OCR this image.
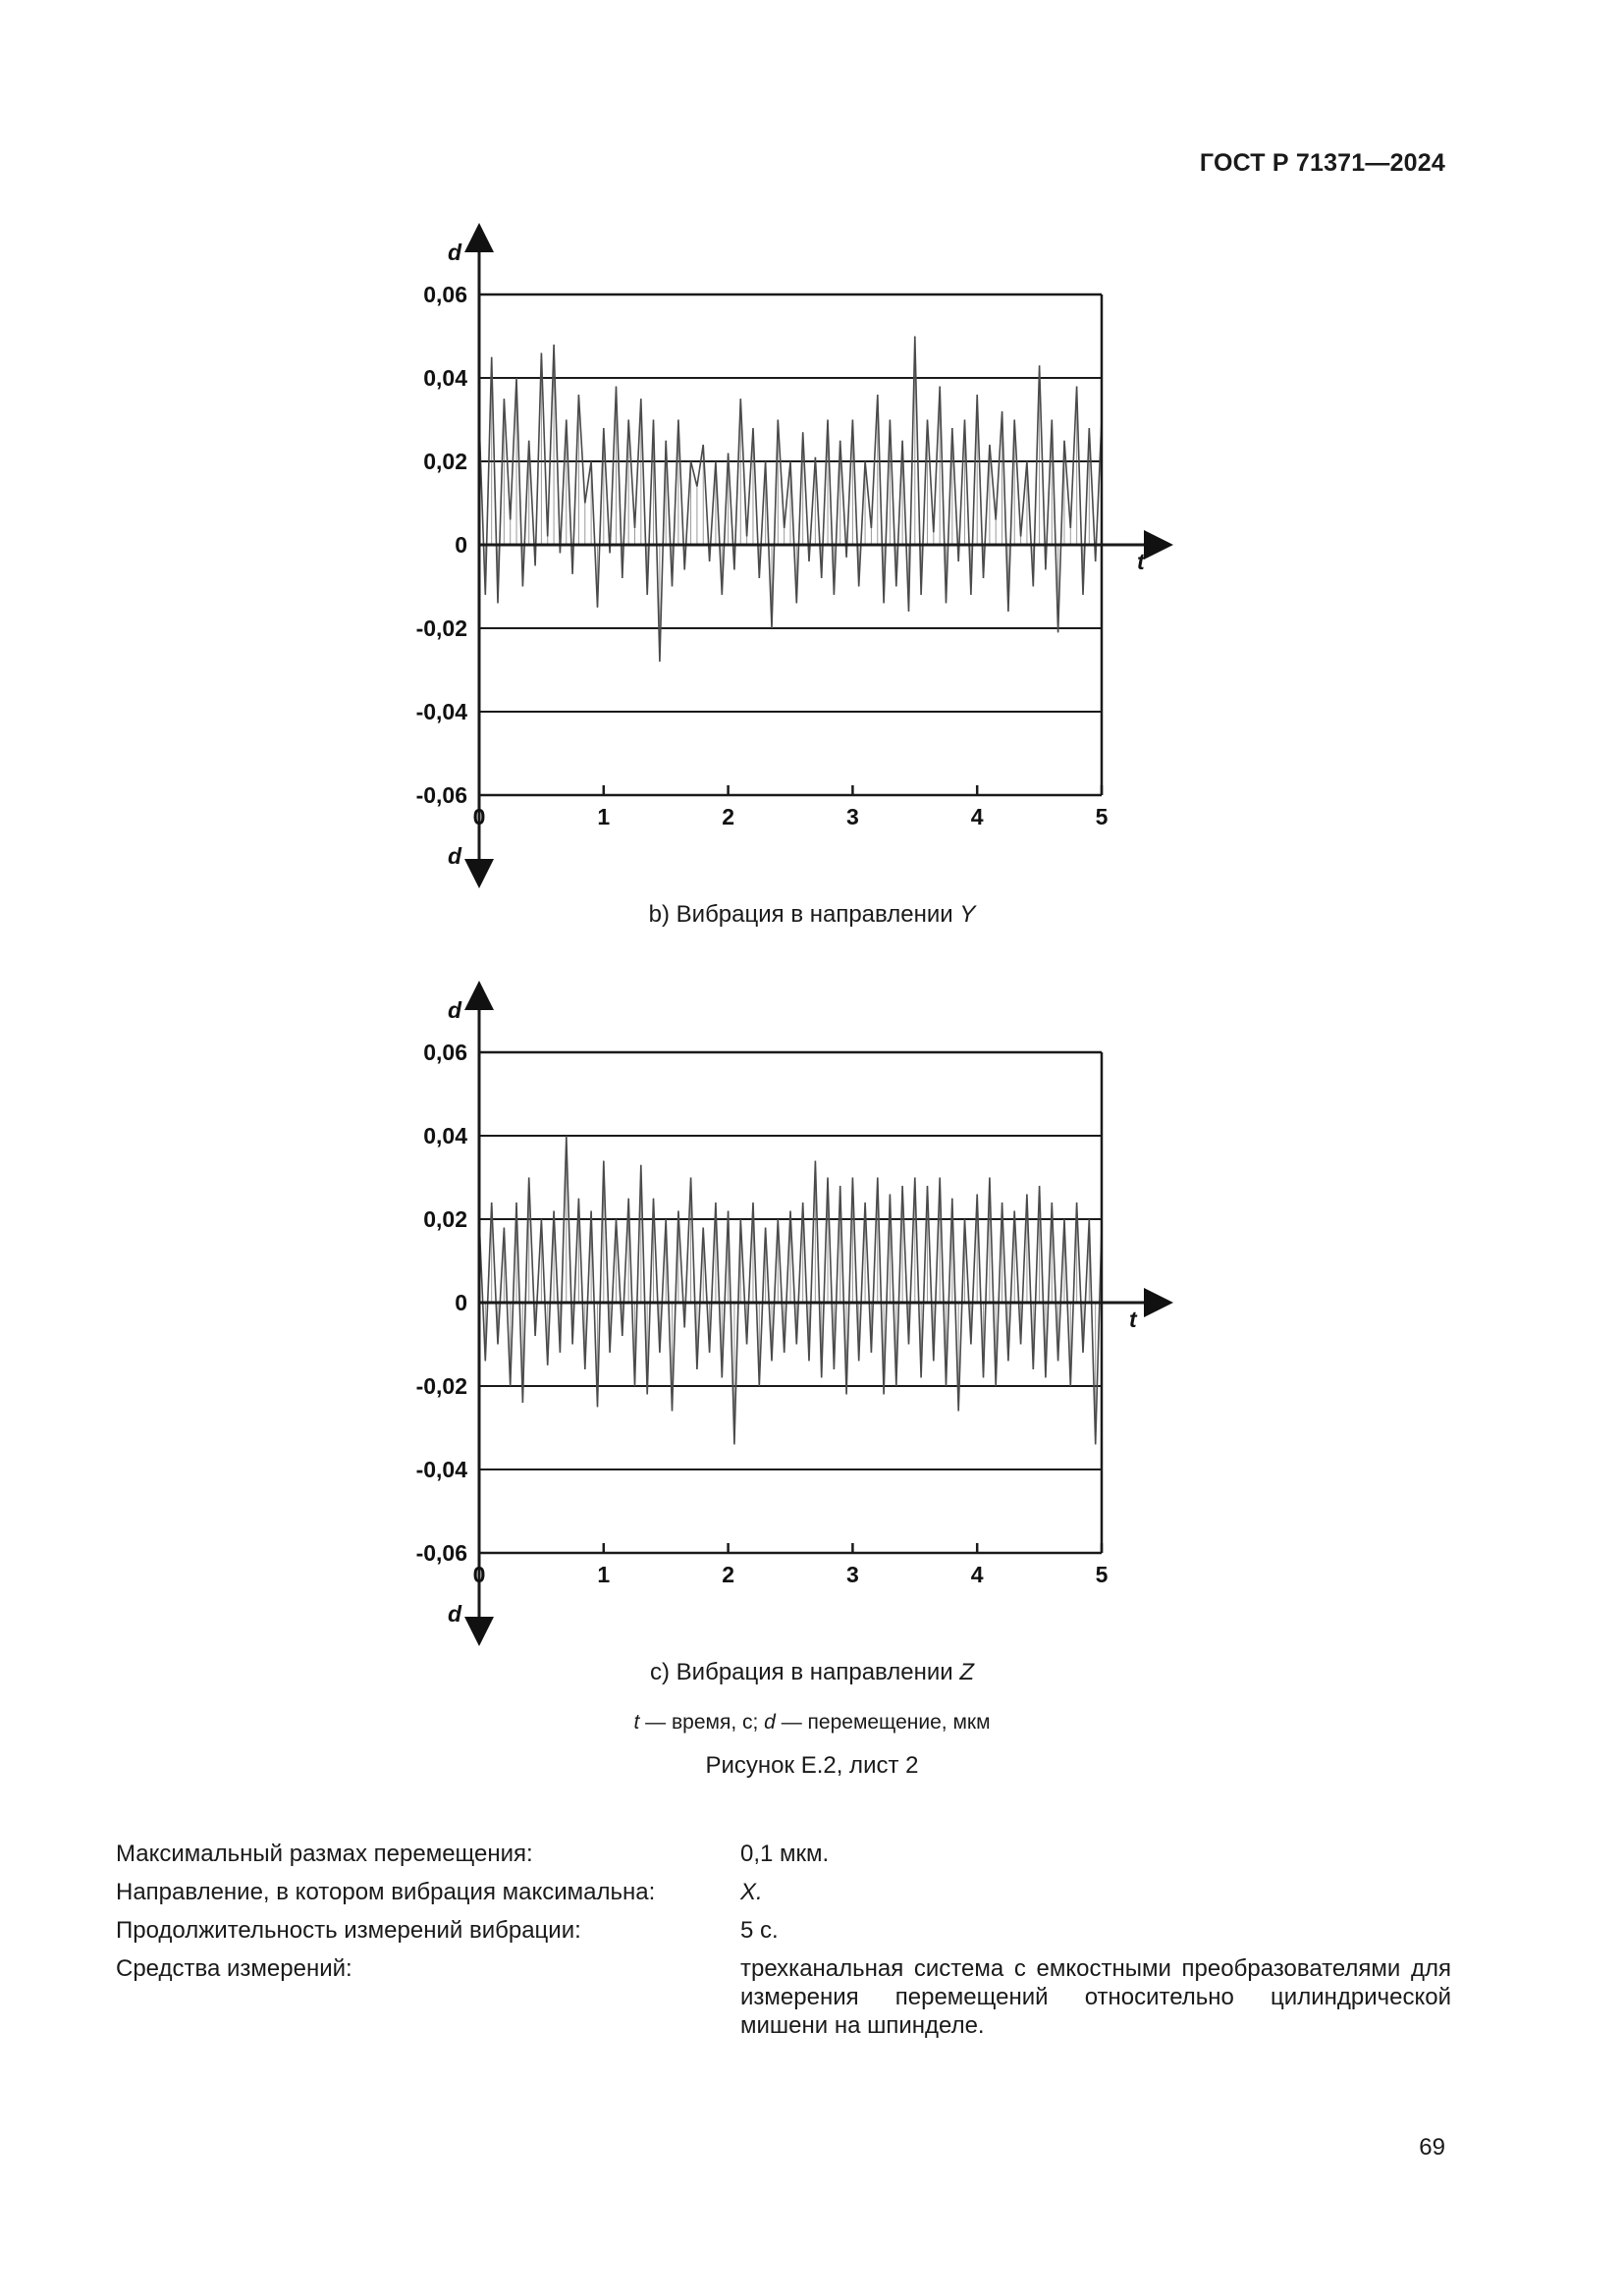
ГОСТ Р 71371—2024
0,06
0,04
0,02
0
-0,02
-0,04
-0,06
0	1	2	3	4	5
d
d
t
b) Вибрация в направлении Y
0,06
0,04
0,02
0
-0,02
-0,04
-0,06
0	1	2	3	4	5
d
d
t
c) Вибрация в направлении Z
t — время, с; d — перемещение, мкм
Рисунок Е.2, лист 2
Максимальный размах перемещения:	0,1 мкм.
Направление, в котором вибрация максимальна:	X.
Продолжительность измерений вибрации:	5 с.
Средства измерений:	трехканальная система с емкостными преобразователями для измерения перемещений относительно цилиндрической мишени на шпинделе.
69
